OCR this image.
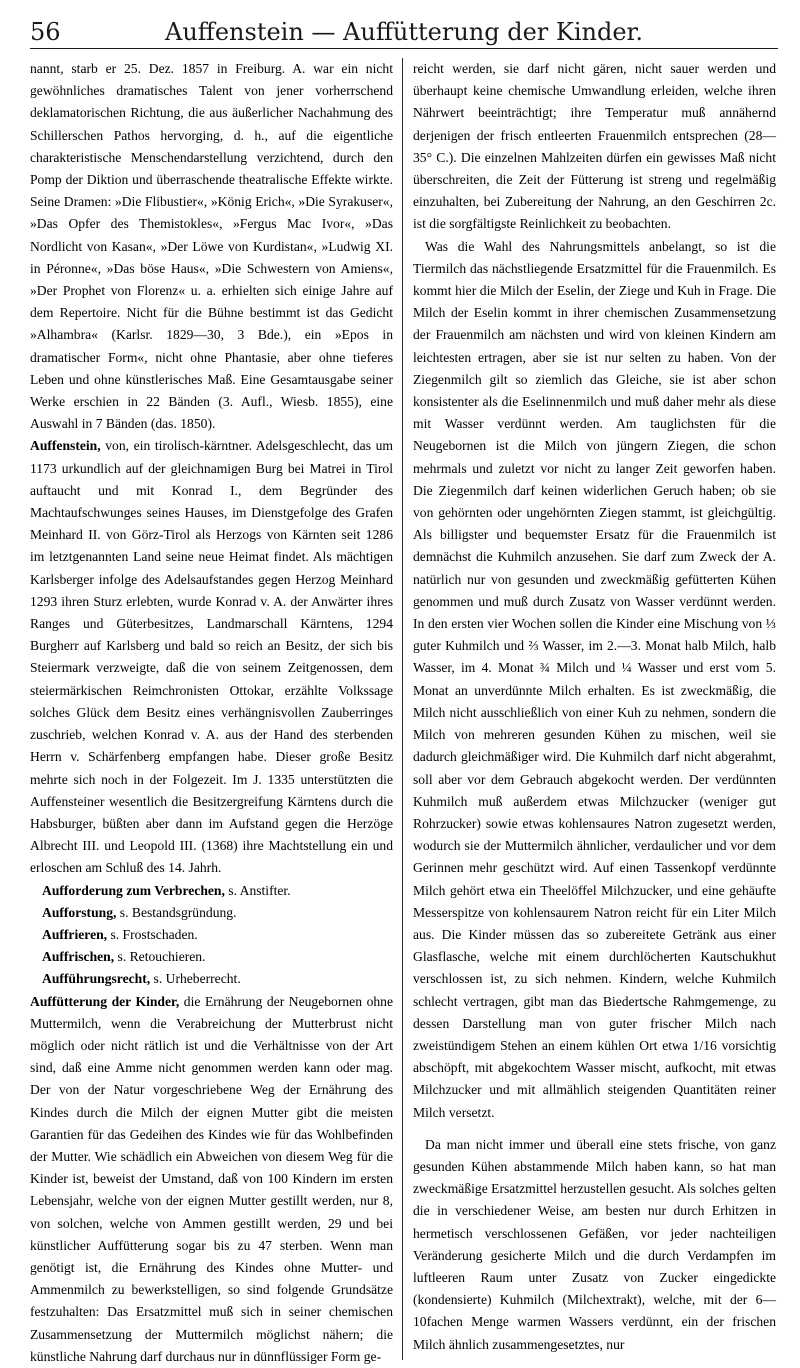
56	Auffenstein — Auffütterung der Kinder.

nannt, starb er 25. Dez. 1857 in Freiburg. A. war ein nicht gewöhnliches dramatisches Talent von jener vorherrschend deklamatorischen Richtung, die aus äußerlicher Nachahmung des Schillerschen Pathos hervorging, d. h., auf die eigentliche charakteristische Menschendarstellung verzichtend, durch den Pomp der Diktion und überraschende theatralische Effekte wirkte. Seine Dramen: »Die Flibustier«, »König Erich«, »Die Syrakuser«, »Das Opfer des Themistokles«, »Fergus Mac Ivor«, »Das Nordlicht von Kasan«, »Der Löwe von Kurdistan«, »Ludwig XI. in Péronne«, »Das böse Haus«, »Die Schwestern von Amiens«, »Der Prophet von Florenz« u. a. erhielten sich einige Jahre auf dem Repertoire. Nicht für die Bühne bestimmt ist das Gedicht »Alhambra« (Karlsr. 1829—30, 3 Bde.), ein »Epos in dramatischer Form«, nicht ohne Phantasie, aber ohne tieferes Leben und ohne künstlerisches Maß. Eine Gesamtausgabe seiner Werke erschien in 22 Bänden (3. Aufl., Wiesb. 1855), eine Auswahl in 7 Bänden (das. 1850).

Auffenstein, von, ein tirolisch-kärntner. Adelsgeschlecht, das um 1173 urkundlich auf der gleichnamigen Burg bei Matrei in Tirol auftaucht und mit Konrad I., dem Begründer des Machtaufschwunges seines Hauses, im Dienstgefolge des Grafen Meinhard II. von Görz-Tirol als Herzogs von Kärnten seit 1286 im letztgenannten Land seine neue Heimat findet. Als mächtigen Karlsberger infolge des Adelsaufstandes gegen Herzog Meinhard 1293 ihren Sturz erlebten, wurde Konrad v. A. der Anwärter ihres Ranges und Güterbesitzes, Landmarschall Kärntens, 1294 Burgherr auf Karlsberg und bald so reich an Besitz, der sich bis Steiermark verzweigte, daß die von seinem Zeitgenossen, dem steiermärkischen Reimchronisten Ottokar, erzählte Volkssage solches Glück dem Besitz eines verhängnisvollen Zauberringes zuschrieb, welchen Konrad v. A. aus der Hand des sterbenden Herrn v. Schärfenberg empfangen habe. Dieser große Besitz mehrte sich noch in der Folgezeit. Im J. 1335 unterstützten die Auffensteiner wesentlich die Besitzergreifung Kärntens durch die Habsburger, büßten aber dann im Aufstand gegen die Herzöge Albrecht III. und Leopold III. (1368) ihre Machtstellung ein und erloschen am Schluß des 14. Jahrh.

Aufforderung zum Verbrechen, s. Anstifter.

Aufforstung, s. Bestandsgründung.

Auffrieren, s. Frostschaden.

Auffrischen, s. Retouchieren.

Aufführungsrecht, s. Urheberrecht.

Auffütterung der Kinder, die Ernährung der Neugebornen ohne Muttermilch, wenn die Verabreichung der Mutterbrust nicht möglich oder nicht rätlich ist und die Verhältnisse von der Art sind, daß eine Amme nicht genommen werden kann oder mag. Der von der Natur vorgeschriebene Weg der Ernährung des Kindes durch die Milch der eignen Mutter gibt die meisten Garantien für das Gedeihen des Kindes wie für das Wohlbefinden der Mutter. Wie schädlich ein Abweichen von diesem Weg für die Kinder ist, beweist der Umstand, daß von 100 Kindern im ersten Lebensjahr, welche von der eignen Mutter gestillt werden, nur 8, von solchen, welche von Ammen gestillt werden, 29 und bei künstlicher Auffütterung sogar bis zu 47 sterben. Wenn man genötigt ist, die Ernährung des Kindes ohne Mutter- und Ammenmilch zu bewerkstelligen, so sind folgende Grundsätze festzuhalten: Das Ersatzmittel muß sich in seiner chemischen Zusammensetzung der Muttermilch möglichst nähern; die künstliche Nahrung darf durchaus nur in dünnflüssiger Form ge-

reicht werden, sie darf nicht gären, nicht sauer werden und überhaupt keine chemische Umwandlung erleiden, welche ihren Nährwert beeinträchtigt; ihre Temperatur muß annähernd derjenigen der frisch entleerten Frauenmilch entsprechen (28—35° C.). Die einzelnen Mahlzeiten dürfen ein gewisses Maß nicht überschreiten, die Zeit der Fütterung ist streng und regelmäßig einzuhalten, bei Zubereitung der Nahrung, an den Geschirren 2c. ist die sorgfältigste Reinlichkeit zu beobachten.

Was die Wahl des Nahrungsmittels anbelangt, so ist die Tiermilch das nächstliegende Ersatzmittel für die Frauenmilch. Es kommt hier die Milch der Eselin, der Ziege und Kuh in Frage. Die Milch der Eselin kommt in ihrer chemischen Zusammensetzung der Frauenmilch am nächsten und wird von kleinen Kindern am leichtesten ertragen, aber sie ist nur selten zu haben. Von der Ziegenmilch gilt so ziemlich das Gleiche, sie ist aber schon konsistenter als die Eselinnenmilch und muß daher mehr als diese mit Wasser verdünnt werden. Am tauglichsten für die Neugebornen ist die Milch von jüngern Ziegen, die schon mehrmals und zuletzt vor nicht zu langer Zeit geworfen haben. Die Ziegenmilch darf keinen widerlichen Geruch haben; ob sie von gehörnten oder ungehörnten Ziegen stammt, ist gleichgültig. Als billigster und bequemster Ersatz für die Frauenmilch ist demnächst die Kuhmilch anzusehen. Sie darf zum Zweck der A. natürlich nur von gesunden und zweckmäßig gefütterten Kühen genommen und muß durch Zusatz von Wasser verdünnt werden. In den ersten vier Wochen sollen die Kinder eine Mischung von ⅓ guter Kuhmilch und ⅔ Wasser, im 2.—3. Monat halb Milch, halb Wasser, im 4. Monat ¾ Milch und ¼ Wasser und erst vom 5. Monat an unverdünnte Milch erhalten. Es ist zweckmäßig, die Milch nicht ausschließlich von einer Kuh zu nehmen, sondern die Milch von mehreren gesunden Kühen zu mischen, weil sie dadurch gleichmäßiger wird. Die Kuhmilch darf nicht abgerahmt, soll aber vor dem Gebrauch abgekocht werden. Der verdünnten Kuhmilch muß außerdem etwas Milchzucker (weniger gut Rohrzucker) sowie etwas kohlensaures Natron zugesetzt werden, wodurch sie der Muttermilch ähnlicher, verdaulicher und vor dem Gerinnen mehr geschützt wird. Auf einen Tassenkopf verdünnte Milch gehört etwa ein Theelöffel Milchzucker, und eine gehäufte Messerspitze von kohlensaurem Natron reicht für ein Liter Milch aus. Die Kinder müssen das so zubereitete Getränk aus einer Glasflasche, welche mit einem durchlöcherten Kautschukhut verschlossen ist, zu sich nehmen. Kindern, welche Kuhmilch schlecht vertragen, gibt man das Biedertsche Rahmgemenge, zu dessen Darstellung man von guter frischer Milch nach zweistündigem Stehen an einem kühlen Ort etwa 1/16 vorsichtig abschöpft, mit abgekochtem Wasser mischt, aufkocht, mit etwas Milchzucker und mit allmählich steigenden Quantitäten reiner Milch versetzt.

Da man nicht immer und überall eine stets frische, von ganz gesunden Kühen abstammende Milch haben kann, so hat man zweckmäßige Ersatzmittel herzustellen gesucht. Als solches gelten die in verschiedener Weise, am besten nur durch Erhitzen in hermetisch verschlossenen Gefäßen, vor jeder nachteiligen Veränderung gesicherte Milch und die durch Verdampfen im luftleeren Raum unter Zusatz von Zucker eingedickte (kondensierte) Kuhmilch (Milchextrakt), welche, mit der 6—10fachen Menge warmen Wassers verdünnt, ein der frischen Milch ähnlich zusammengesetztes, nur
